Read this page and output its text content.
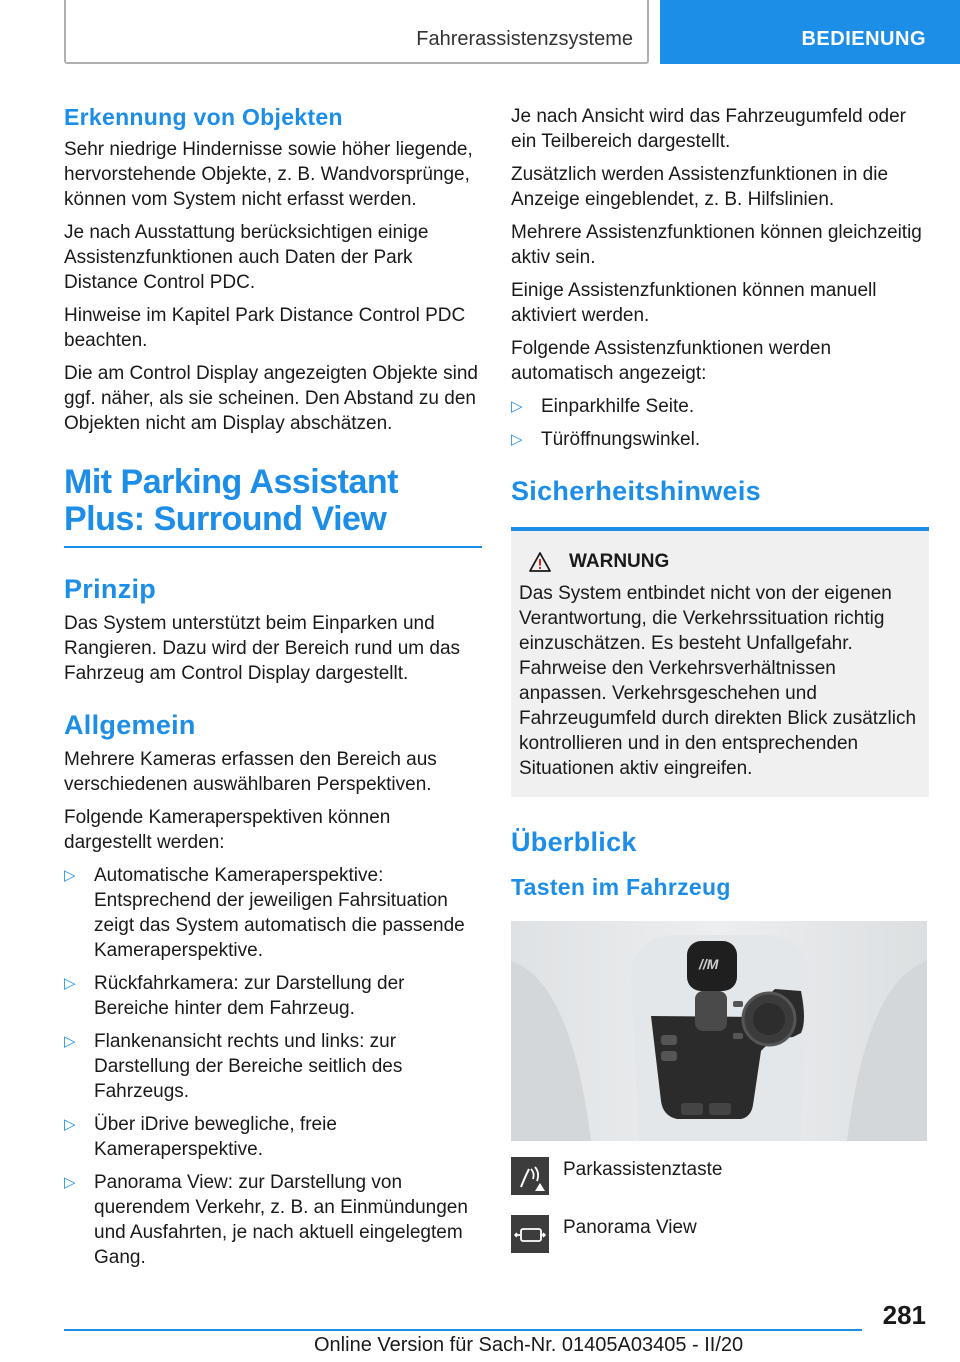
Fahrerassistenzsysteme	BEDIENUNG
Erkennung von Objekten

Sehr niedrige Hindernisse sowie höher liegende, hervorstehende Objekte, z. B. Wandvorsprünge, können vom System nicht erfasst werden.

Je nach Ausstattung berücksichtigen einige Assistenzfunktionen auch Daten der Park Distance Control PDC.

Hinweise im Kapitel Park Distance Control PDC beachten.

Die am Control Display angezeigten Objekte sind ggf. näher, als sie scheinen. Den Abstand zu den Objekten nicht am Display abschätzen.

Mit Parking Assistant Plus: Surround View
Prinzip

Das System unterstützt beim Einparken und Rangieren. Dazu wird der Bereich rund um das Fahrzeug am Control Display dargestellt.

Allgemein

Mehrere Kameras erfassen den Bereich aus verschiedenen auswählbaren Perspektiven.

Folgende Kameraperspektiven können dargestellt werden:

▷ Automatische Kameraperspektive: Entsprechend der jeweiligen Fahrsituation zeigt das System automatisch die passende Kameraperspektive.
▷ Rückfahrkamera: zur Darstellung der Bereiche hinter dem Fahrzeug.
▷ Flankenansicht rechts und links: zur Darstellung der Bereiche seitlich des Fahrzeugs.
▷ Über iDrive bewegliche, freie Kameraperspektive.
▷ Panorama View: zur Darstellung von querendem Verkehr, z. B. an Einmündungen und Ausfahrten, je nach aktuell eingelegtem Gang.

Je nach Ansicht wird das Fahrzeugumfeld oder ein Teilbereich dargestellt.

Zusätzlich werden Assistenzfunktionen in die Anzeige eingeblendet, z. B. Hilfslinien.

Mehrere Assistenzfunktionen können gleichzeitig aktiv sein.

Einige Assistenzfunktionen können manuell aktiviert werden.

Folgende Assistenzfunktionen werden automatisch angezeigt:

▷ Einparkhilfe Seite.
▷ Türöffnungswinkel.
Sicherheitshinweis
WARNUNG

Das System entbindet nicht von der eigenen Verantwortung, die Verkehrssituation richtig einzuschätzen. Es besteht Unfallgefahr. Fahrweise den Verkehrsverhältnissen anpassen. Verkehrsgeschehen und Fahrzeugumfeld durch direkten Blick zusätzlich kontrollieren und in den entsprechenden Situationen aktiv eingreifen.

Überblick
Tasten im Fahrzeug
//M
Parkassistenztaste
Panorama View
281
Online Version für Sach-Nr. 01405A03405 - II/20
